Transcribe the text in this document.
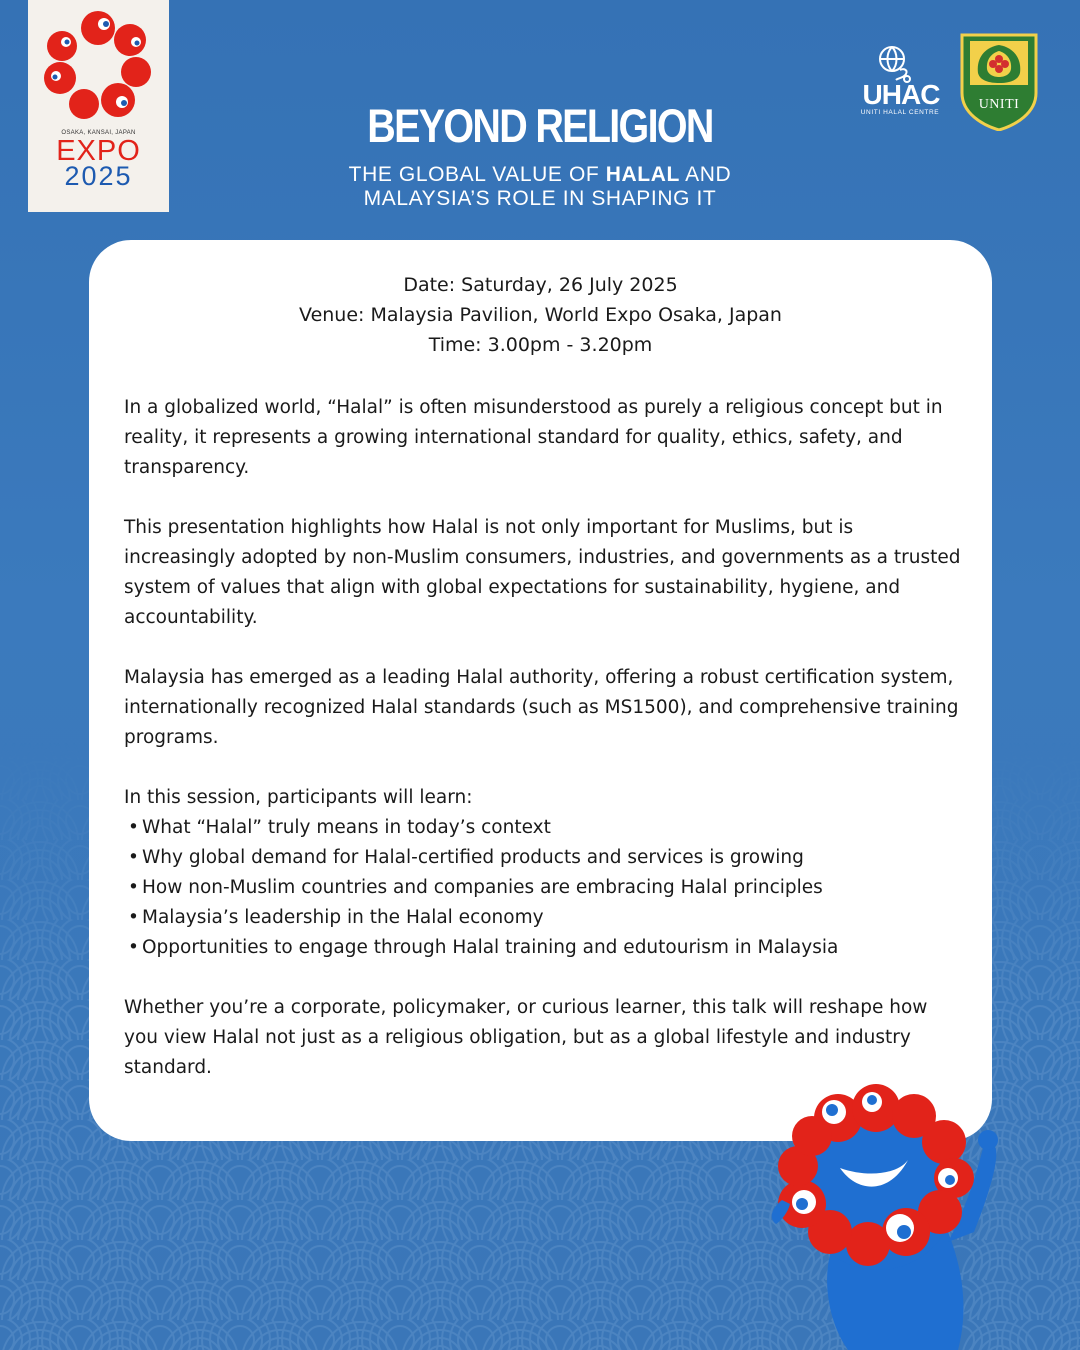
OSAKA, KANSAI, JAPAN
EXPO
2025
UHAC
UNITI HALAL CENTRE
UNITI
BEYOND RELIGION
THE GLOBAL VALUE OF HALAL AND
MALAYSIA’S ROLE IN SHAPING IT
Date: Saturday, 26 July 2025
Venue: Malaysia Pavilion, World Expo Osaka, Japan
Time: 3.00pm - 3.20pm

In a globalized world, “Halal” is often misunderstood as purely a religious concept but in reality, it represents a growing international standard for quality, ethics, safety, and transparency.

This presentation highlights how Halal is not only important for Muslims, but is increasingly adopted by non-Muslim consumers, industries, and governments as a trusted system of values that align with global expectations for sustainability, hygiene, and accountability.

Malaysia has emerged as a leading Halal authority, offering a robust certification system, internationally recognized Halal standards (such as MS1500), and comprehensive training programs.

In this session, participants will learn:
• What “Halal” truly means in today’s context
• Why global demand for Halal-certified products and services is growing
• How non-Muslim countries and companies are embracing Halal principles
• Malaysia’s leadership in the Halal economy
• Opportunities to engage through Halal training and edutourism in Malaysia

Whether you’re a corporate, policymaker, or curious learner, this talk will reshape how you view Halal not just as a religious obligation, but as a global lifestyle and industry standard.
